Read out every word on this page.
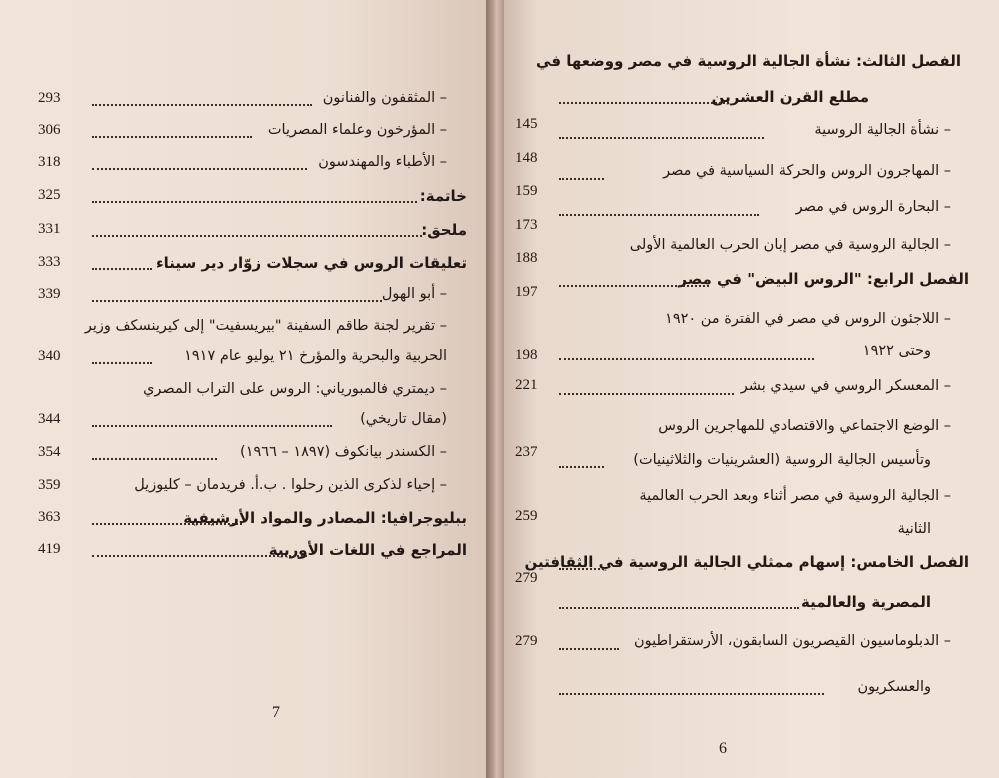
– المثقفون والفنانون
293
– المؤرخون وعلماء المصريات
306
– الأطباء والمهندسون
318
خاتمة:
325
ملحق:
331
تعليقات الروس في سجلات زوّار دير سيناء
333
– أبو الهول
339
– تقرير لجنة طاقم السفينة "بيريسفيت" إلى كيرينسكف وزير
الحربية والبحرية والمؤرخ ٢١ يوليو عام ١٩١٧
340
– ديمتري فالمبورياني: الروس على التراب المصري
(مقال تاريخي)
344
– الكسندر بيانكوف (١٨٩٧ – ١٩٦٦)
354
– إحياء لذكرى الذين رحلوا . ب.أ. فريدمان – كليوزيل
359
ببليوجرافيا: المصادر والمواد الأرشيفية
363
المراجع في اللغات الأوربية
419
7
الفصل الثالث: نشأة الجالية الروسية في مصر ووضعها في
مطلع القرن العشرين
145	– نشأة الجالية الروسية
148
– المهاجرون الروس والحركة السياسية في مصر
159
– البحارة الروس في مصر
173
– الجالية الروسية في مصر إبان الحرب العالمية الأولى
188
الفصل الرابع: "الروس البيض" في مصر
197
– اللاجئون الروس في مصر في الفترة من ١٩٢٠
وحتى ١٩٢٢
198
– المعسكر الروسي في سيدي بشر
221
– الوضع الاجتماعي والاقتصادي للمهاجرين الروس
وتأسيس الجالية الروسية (العشرينيات والثلاثينيات)
237
– الجالية الروسية في مصر أثناء وبعد الحرب العالمية
الثانية
259
الفصل الخامس: إسهام ممثلي الجالية الروسية في الثقافتين
279
المصرية والعالمية
– الدبلوماسيون القيصريون السابقون، الأرستقراطيون
279
والعسكريون
6
